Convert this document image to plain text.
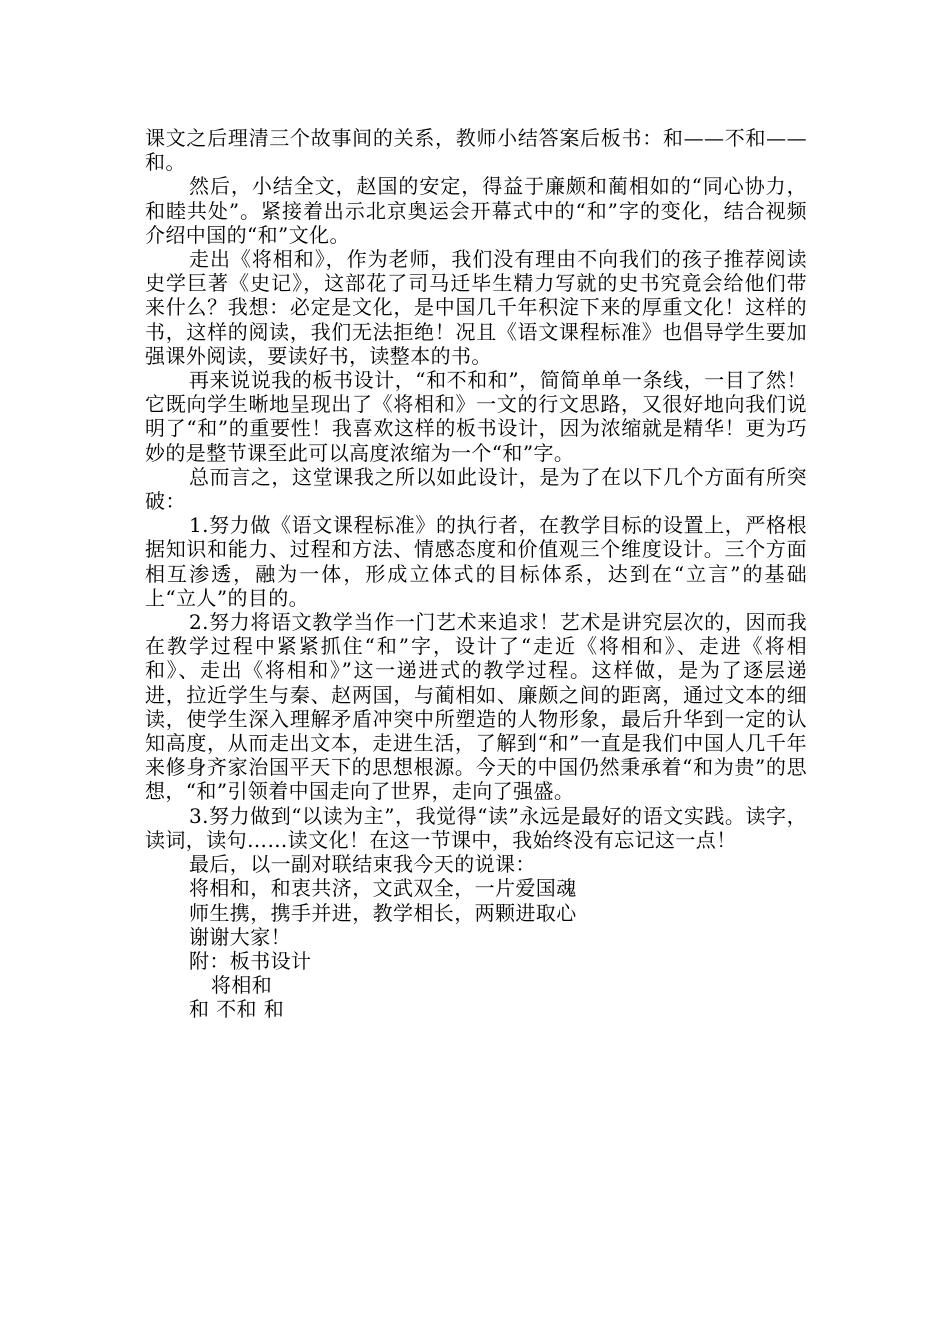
课文之后理清三个故事间的关系，教师小结答案后板书：和——不和——和。

然后，小结全文，赵国的安定，得益于廉颇和蔺相如的“同心协力，和睦共处”。紧接着出示北京奥运会开幕式中的“和”字的变化，结合视频介绍中国的“和”文化。

走出《将相和》，作为老师，我们没有理由不向我们的孩子推荐阅读史学巨著《史记》，这部花了司马迁毕生精力写就的史书究竟会给他们带来什么？我想：必定是文化，是中国几千年积淀下来的厚重文化！这样的书，这样的阅读，我们无法拒绝！况且《语文课程标准》也倡导学生要加强课外阅读，要读好书，读整本的书。

再来说说我的板书设计，“和不和和”，简简单单一条线，一目了然！它既向学生晰地呈现出了《将相和》一文的行文思路，又很好地向我们说明了“和”的重要性！我喜欢这样的板书设计，因为浓缩就是精华！更为巧妙的是整节课至此可以高度浓缩为一个“和”字。

总而言之，这堂课我之所以如此设计，是为了在以下几个方面有所突破：

1.努力做《语文课程标准》的执行者，在教学目标的设置上，严格根据知识和能力、过程和方法、情感态度和价值观三个维度设计。三个方面相互渗透，融为一体，形成立体式的目标体系，达到在“立言”的基础上“立人”的目的。

2.努力将语文教学当作一门艺术来追求！艺术是讲究层次的，因而我在教学过程中紧紧抓住“和”字，设计了“走近《将相和》、走进《将相和》、走出《将相和》”这一递进式的教学过程。这样做，是为了逐层递进，拉近学生与秦、赵两国，与蔺相如、廉颇之间的距离，通过文本的细读，使学生深入理解矛盾冲突中所塑造的人物形象，最后升华到一定的认知高度，从而走出文本，走进生活，了解到“和”一直是我们中国人几千年来修身齐家治国平天下的思想根源。今天的中国仍然秉承着“和为贵”的思想，“和”引领着中国走向了世界，走向了强盛。

3.努力做到“以读为主”，我觉得“读”永远是最好的语文实践。读字，读词，读句……读文化！在这一节课中，我始终没有忘记这一点！

最后，以一副对联结束我今天的说课：
将相和，和衷共济，文武双全，一片爱国魂
师生携，携手并进，教学相长，两颗进取心
谢谢大家！
附：板书设计
将相和
和 不和 和
